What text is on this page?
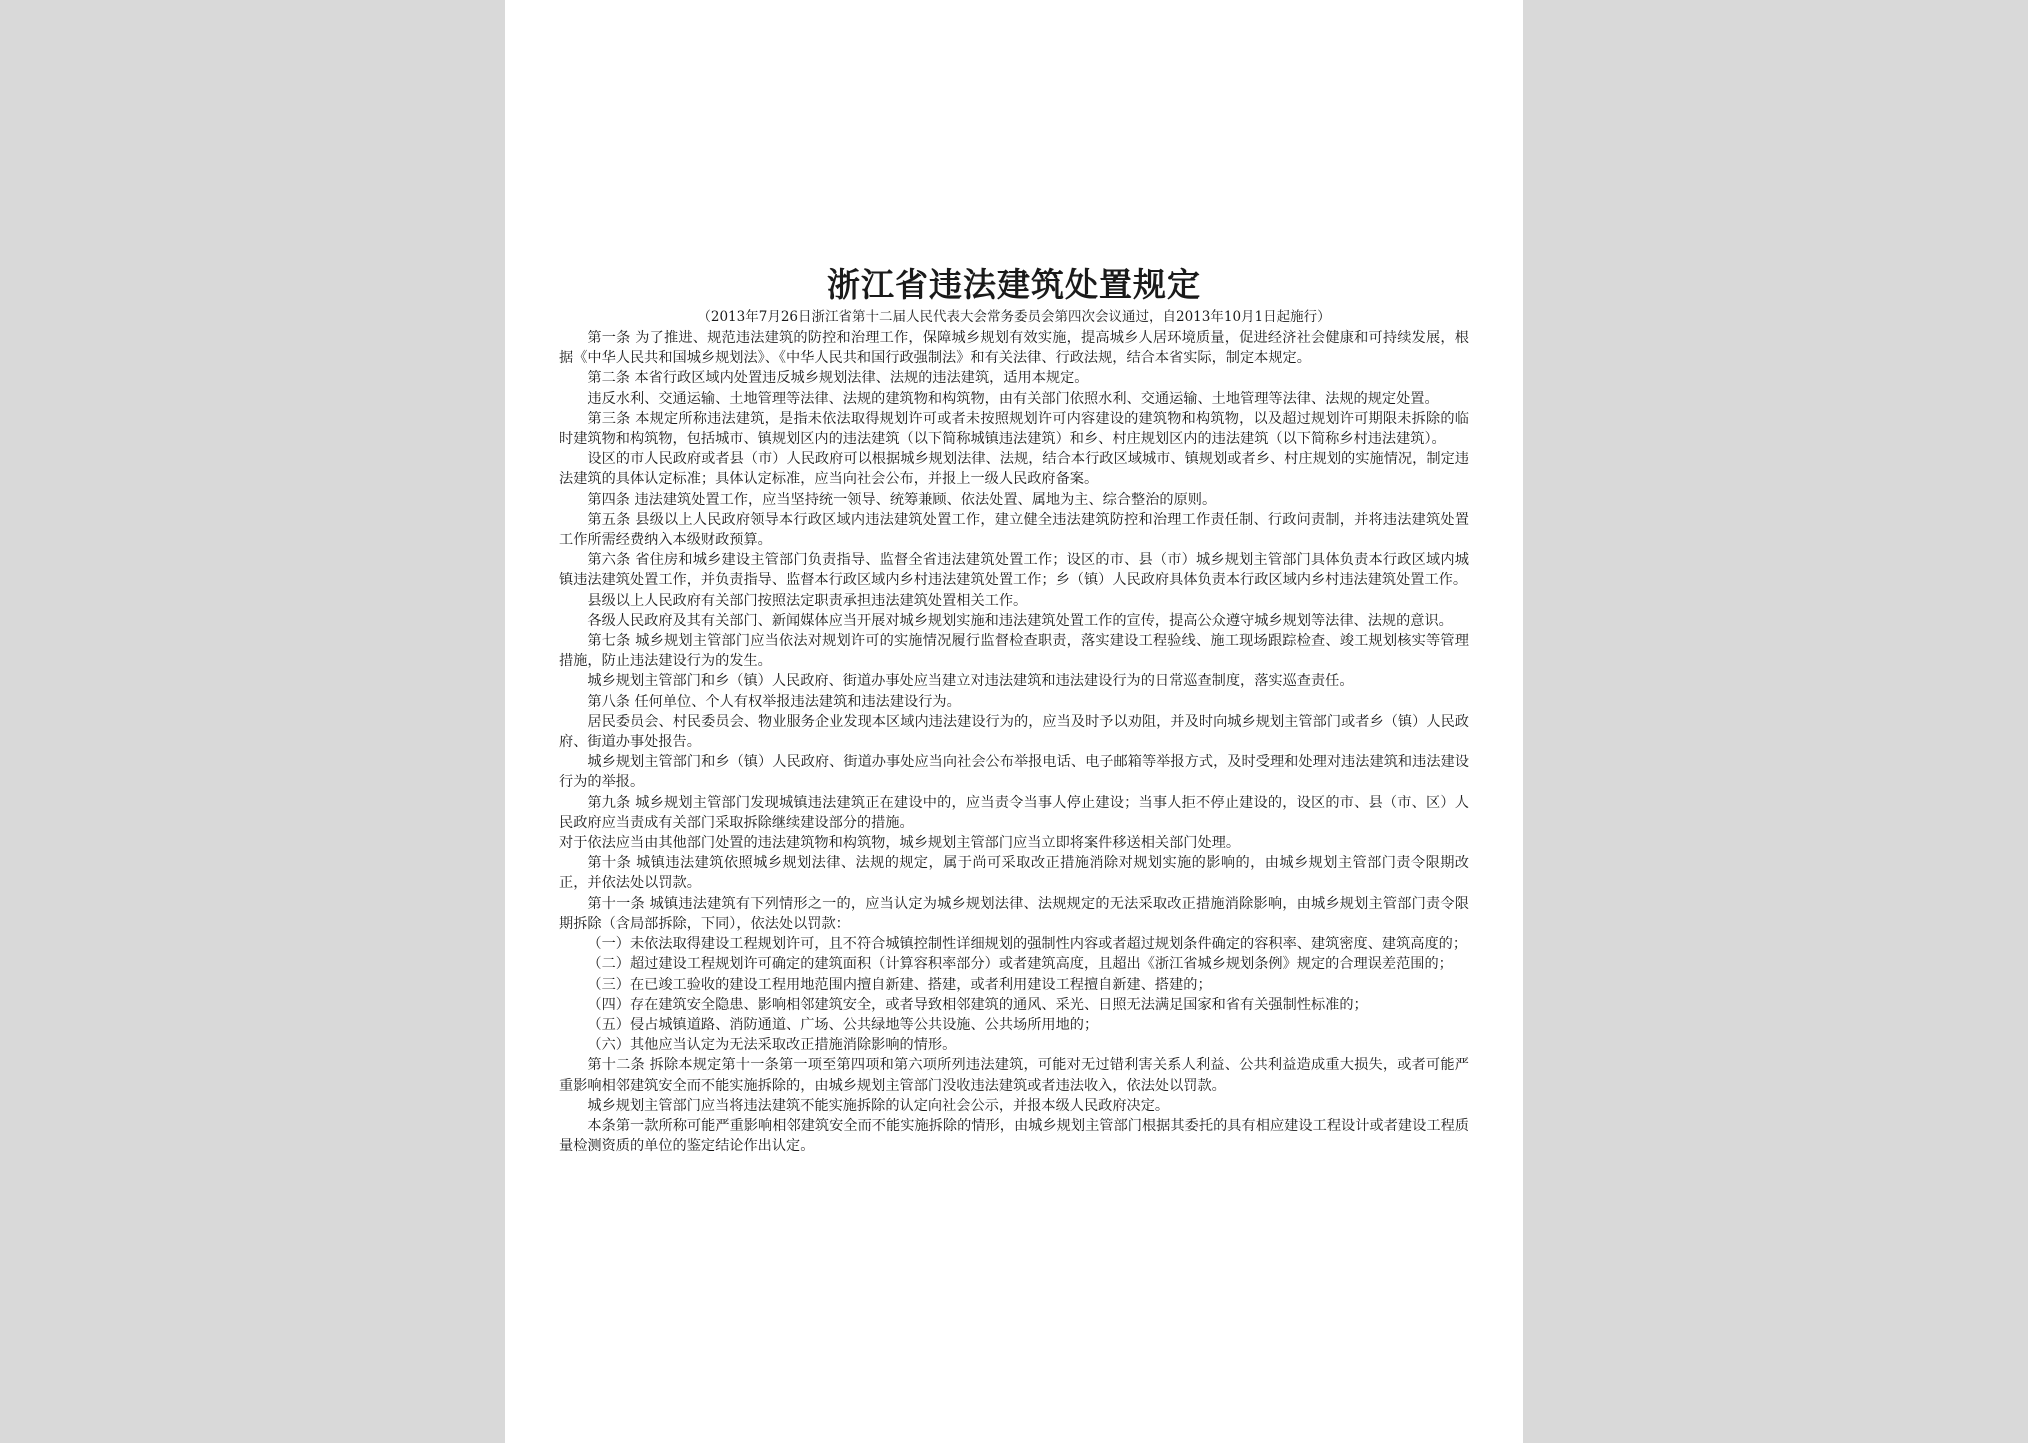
浙江省违法建筑处置规定

（2013年7月26日浙江省第十二届人民代表大会常务委员会第四次会议通过，自2013年10月1日起施行）

第一条 为了推进、规范违法建筑的防控和治理工作，保障城乡规划有效实施，提高城乡人居环境质量，促进经济社会健康和可持续发展，根据《中华人民共和国城乡规划法》、《中华人民共和国行政强制法》和有关法律、行政法规，结合本省实际，制定本规定。

第二条 本省行政区域内处置违反城乡规划法律、法规的违法建筑，适用本规定。

违反水利、交通运输、土地管理等法律、法规的建筑物和构筑物，由有关部门依照水利、交通运输、土地管理等法律、法规的规定处置。

第三条 本规定所称违法建筑，是指未依法取得规划许可或者未按照规划许可内容建设的建筑物和构筑物，以及超过规划许可期限未拆除的临时建筑物和构筑物，包括城市、镇规划区内的违法建筑（以下简称城镇违法建筑）和乡、村庄规划区内的违法建筑（以下简称乡村违法建筑）。

设区的市人民政府或者县（市）人民政府可以根据城乡规划法律、法规，结合本行政区域城市、镇规划或者乡、村庄规划的实施情况，制定违法建筑的具体认定标准；具体认定标准，应当向社会公布，并报上一级人民政府备案。

第四条 违法建筑处置工作，应当坚持统一领导、统筹兼顾、依法处置、属地为主、综合整治的原则。

第五条 县级以上人民政府领导本行政区域内违法建筑处置工作，建立健全违法建筑防控和治理工作责任制、行政问责制，并将违法建筑处置工作所需经费纳入本级财政预算。

第六条 省住房和城乡建设主管部门负责指导、监督全省违法建筑处置工作；设区的市、县（市）城乡规划主管部门具体负责本行政区域内城镇违法建筑处置工作，并负责指导、监督本行政区域内乡村违法建筑处置工作；乡（镇）人民政府具体负责本行政区域内乡村违法建筑处置工作。

县级以上人民政府有关部门按照法定职责承担违法建筑处置相关工作。

各级人民政府及其有关部门、新闻媒体应当开展对城乡规划实施和违法建筑处置工作的宣传，提高公众遵守城乡规划等法律、法规的意识。

第七条 城乡规划主管部门应当依法对规划许可的实施情况履行监督检查职责，落实建设工程验线、施工现场跟踪检查、竣工规划核实等管理措施，防止违法建设行为的发生。

城乡规划主管部门和乡（镇）人民政府、街道办事处应当建立对违法建筑和违法建设行为的日常巡查制度，落实巡查责任。

第八条 任何单位、个人有权举报违法建筑和违法建设行为。

居民委员会、村民委员会、物业服务企业发现本区域内违法建设行为的，应当及时予以劝阻，并及时向城乡规划主管部门或者乡（镇）人民政府、街道办事处报告。

城乡规划主管部门和乡（镇）人民政府、街道办事处应当向社会公布举报电话、电子邮箱等举报方式，及时受理和处理对违法建筑和违法建设行为的举报。

第九条 城乡规划主管部门发现城镇违法建筑正在建设中的，应当责令当事人停止建设；当事人拒不停止建设的，设区的市、县（市、区）人民政府应当责成有关部门采取拆除继续建设部分的措施。

对于依法应当由其他部门处置的违法建筑物和构筑物，城乡规划主管部门应当立即将案件移送相关部门处理。

第十条 城镇违法建筑依照城乡规划法律、法规的规定，属于尚可采取改正措施消除对规划实施的影响的，由城乡规划主管部门责令限期改正，并依法处以罚款。

第十一条 城镇违法建筑有下列情形之一的，应当认定为城乡规划法律、法规规定的无法采取改正措施消除影响，由城乡规划主管部门责令限期拆除（含局部拆除，下同），依法处以罚款：

（一）未依法取得建设工程规划许可，且不符合城镇控制性详细规划的强制性内容或者超过规划条件确定的容积率、建筑密度、建筑高度的；

（二）超过建设工程规划许可确定的建筑面积（计算容积率部分）或者建筑高度，且超出《浙江省城乡规划条例》规定的合理误差范围的；

（三）在已竣工验收的建设工程用地范围内擅自新建、搭建，或者利用建设工程擅自新建、搭建的；

（四）存在建筑安全隐患、影响相邻建筑安全，或者导致相邻建筑的通风、采光、日照无法满足国家和省有关强制性标准的；

（五）侵占城镇道路、消防通道、广场、公共绿地等公共设施、公共场所用地的；

（六）其他应当认定为无法采取改正措施消除影响的情形。

第十二条 拆除本规定第十一条第一项至第四项和第六项所列违法建筑，可能对无过错利害关系人利益、公共利益造成重大损失，或者可能严重影响相邻建筑安全而不能实施拆除的，由城乡规划主管部门没收违法建筑或者违法收入，依法处以罚款。

城乡规划主管部门应当将违法建筑不能实施拆除的认定向社会公示，并报本级人民政府决定。

本条第一款所称可能严重影响相邻建筑安全而不能实施拆除的情形，由城乡规划主管部门根据其委托的具有相应建设工程设计或者建设工程质量检测资质的单位的鉴定结论作出认定。
